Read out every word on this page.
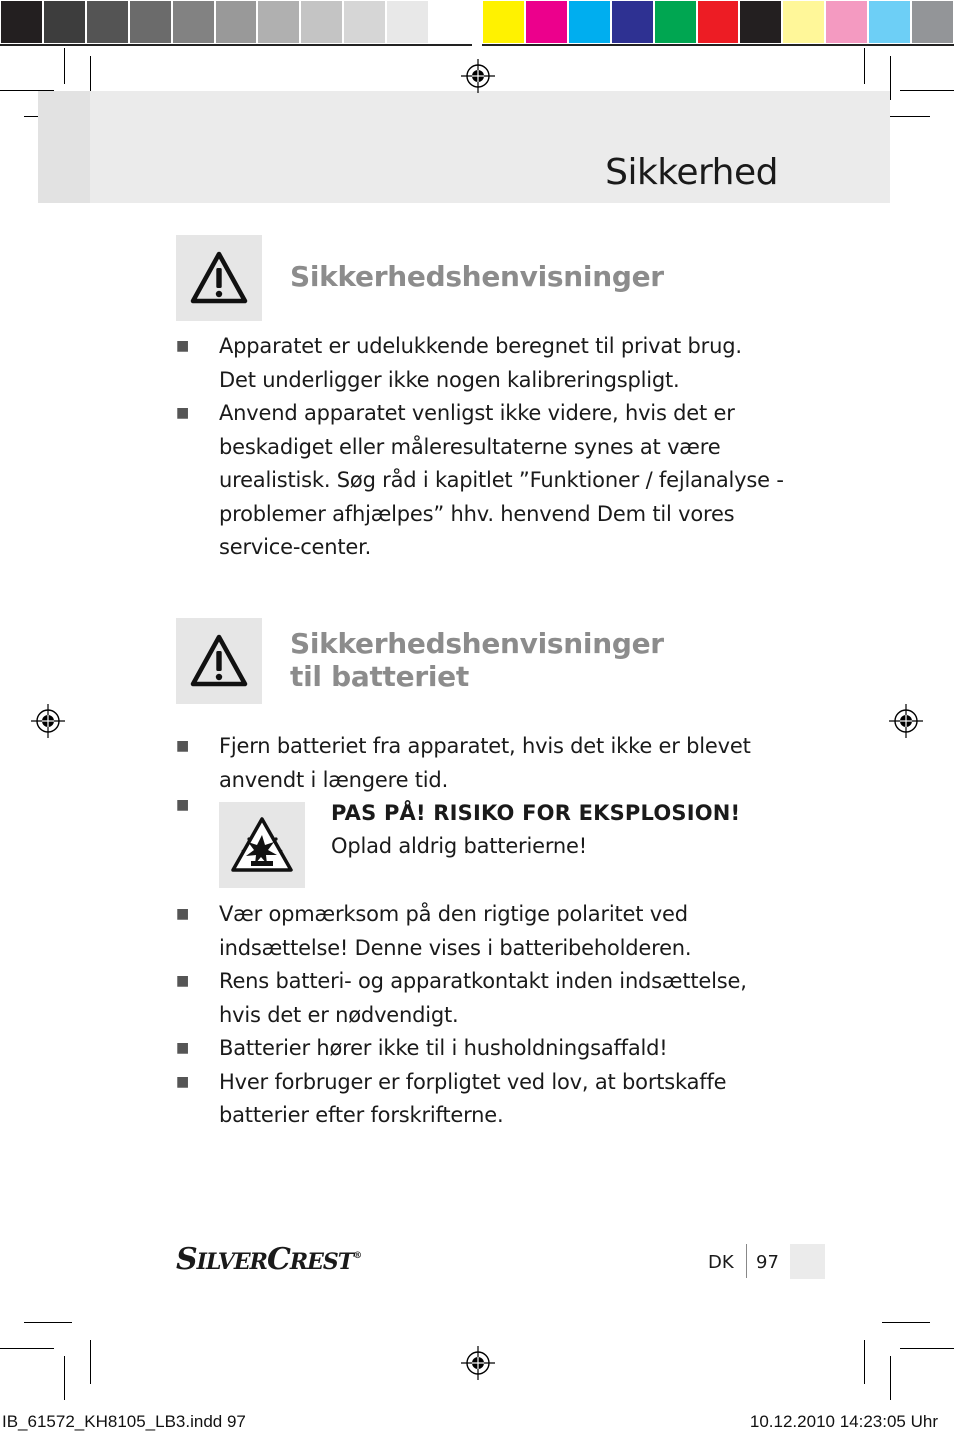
Sikkerhed
Sikkerhedshenvisninger
■ Apparatet er udelukkende beregnet til privat brug.
Det underligger ikke nogen kalibreringspligt.
■ Anvend apparatet venligst ikke videre, hvis det er
beskadiget eller måleresultaterne synes at være
urealistisk. Søg råd i kapitlet ”Funktioner / fejlanalyse -
problemer afhjælpes” hhv. henvend Dem til vores
service-center.
Sikkerhedshenvisninger
til batteriet
■ Fjern batteriet fra apparatet, hvis det ikke er blevet
anvendt i længere tid.
■	PAS PÅ! RISIKO FOR EKSPLOSION!
Oplad aldrig batterierne!
■ Vær opmærksom på den rigtige polaritet ved
indsættelse! Denne vises i batteribeholderen.
■ Rens batteri- og apparatkontakt inden indsættelse,
hvis det er nødvendigt.
■ Batterier hører ikke til i husholdningsaffald!
■ Hver forbruger er forpligtet ved lov, at bortskaffe
batterier efter forskrifterne.
SILVERCREST®	DK 97
IB_61572_KH8105_LB3.indd 97	10.12.2010 14:23:05 Uhr
